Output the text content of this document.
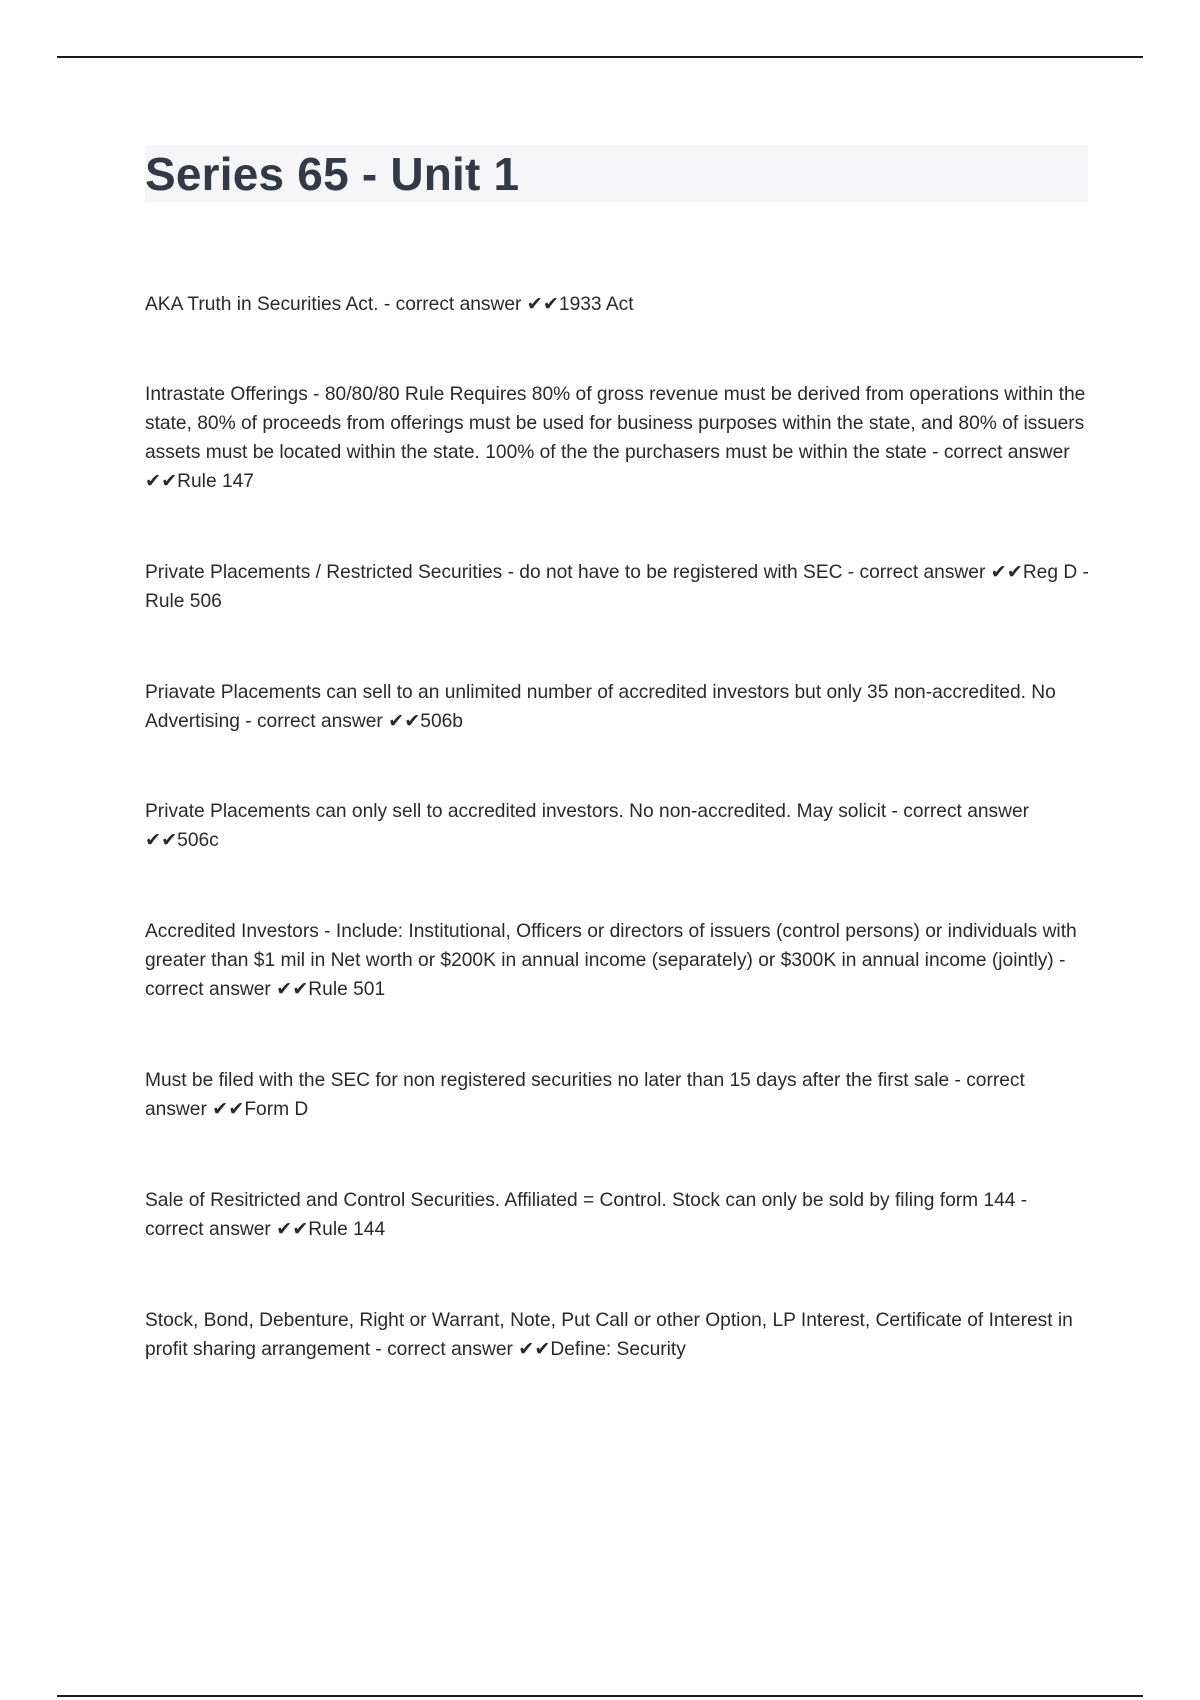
Series 65 - Unit 1

AKA Truth in Securities Act. - correct answer ✔✔1933 Act

Intrastate Offerings - 80/80/80 Rule Requires 80% of gross revenue must be derived from operations within the state, 80% of proceeds from offerings must be used for business purposes within the state, and 80% of issuers assets must be located within the state. 100% of the the purchasers must be within the state - correct answer ✔✔Rule 147

Private Placements / Restricted Securities - do not have to be registered with SEC - correct answer ✔✔Reg D - Rule 506

Priavate Placements can sell to an unlimited number of accredited investors but only 35 non-accredited. No Advertising - correct answer ✔✔506b

Private Placements can only sell to accredited investors. No non-accredited. May solicit - correct answer ✔✔506c

Accredited Investors - Include: Institutional, Officers or directors of issuers (control persons) or individuals with greater than $1 mil in Net worth or $200K in annual income (separately) or $300K in annual income (jointly) - correct answer ✔✔Rule 501

Must be filed with the SEC for non registered securities no later than 15 days after the first sale - correct answer ✔✔Form D

Sale of Resitricted and Control Securities. Affiliated = Control. Stock can only be sold by filing form 144 - correct answer ✔✔Rule 144

Stock, Bond, Debenture, Right or Warrant, Note, Put Call or other Option, LP Interest, Certificate of Interest in profit sharing arrangement - correct answer ✔✔Define: Security
